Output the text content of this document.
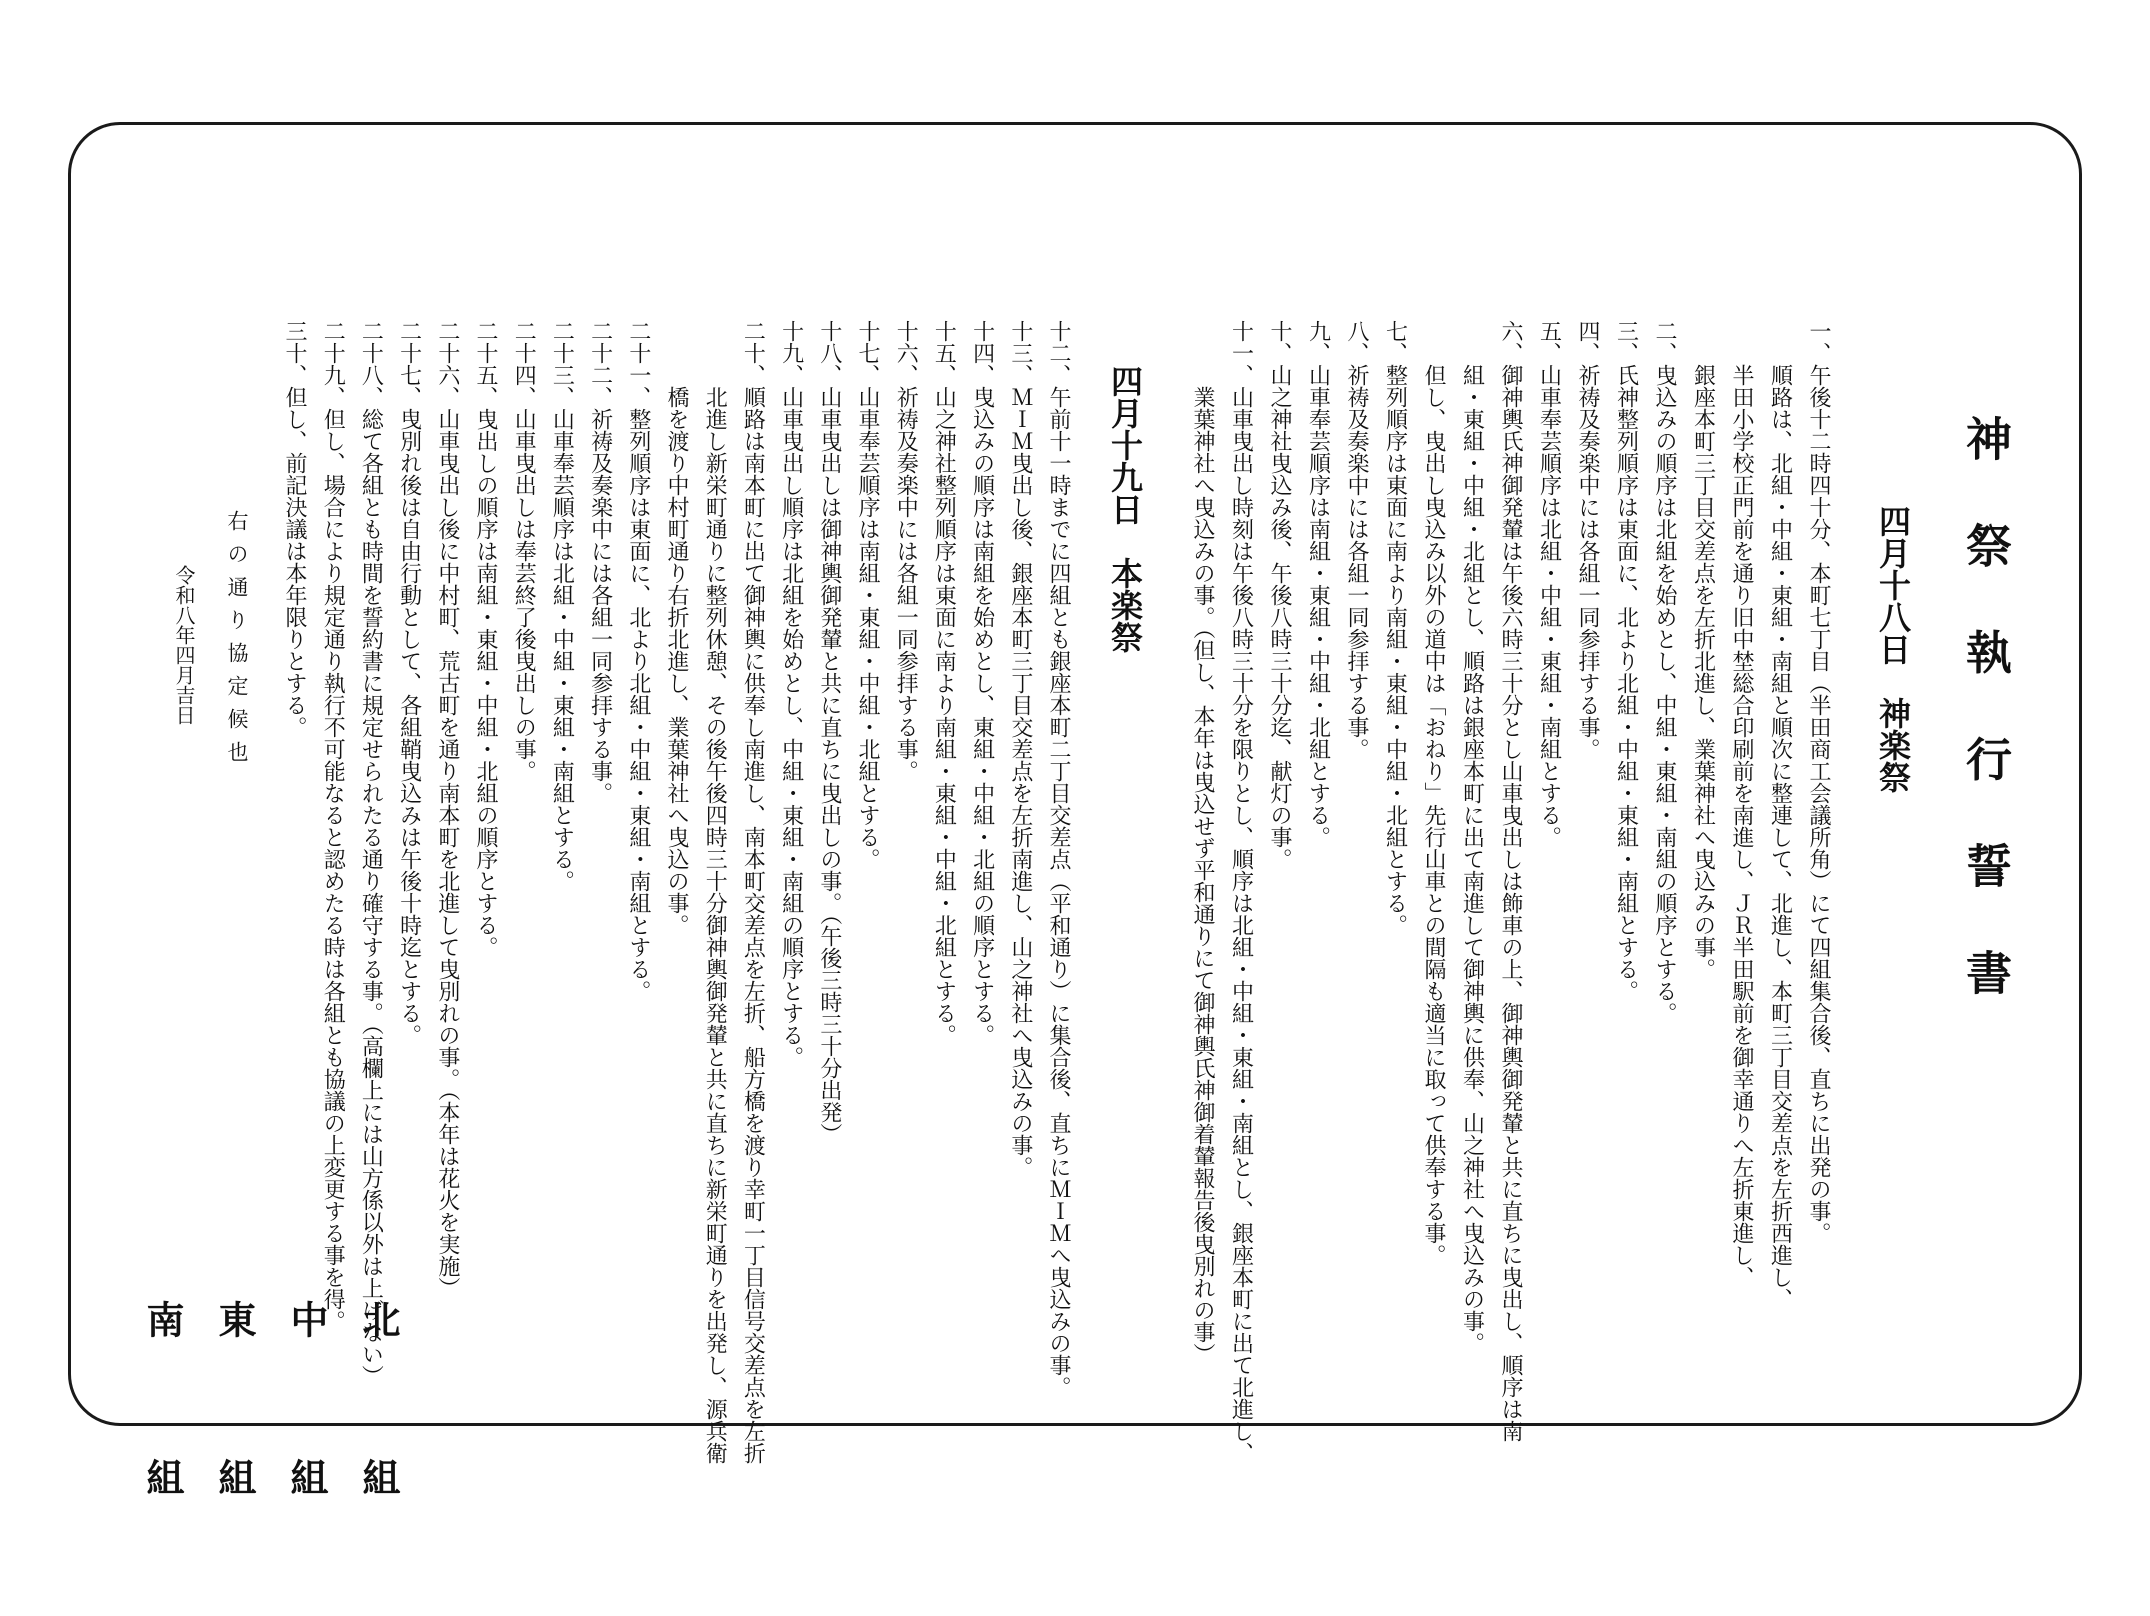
神祭執行誓書
四月十八日　神楽祭
四月十九日　本楽祭	一、午後十二時四十分、本町七丁目（半田商工会議所角）にて四組集合後、直ちに出発の事。
　　順路は、北組・中組・東組・南組と順次に整連して、北進し、本町三丁目交差点を左折西進し、
　　半田小学校正門前を通り旧中埜総合印刷前を南進し、ＪＲ半田駅前を御幸通りへ左折東進し、
　　銀座本町三丁目交差点を左折北進し、業葉神社へ曳込みの事。
二、曳込みの順序は北組を始めとし、中組・東組・南組の順序とする。
三、氏神整列順序は東面に、北より北組・中組・東組・南組とする。
四、祈祷及奏楽中には各組一同参拝する事。
五、山車奉芸順序は北組・中組・東組・南組とする。
六、御神輿氏神御発輦は午後六時三十分とし山車曳出しは飾車の上、御神輿御発輦と共に直ちに曳出し、順序は南
　　組・東組・中組・北組とし、順路は銀座本町に出て南進して御神輿に供奉、山之神社へ曳込みの事。
　　但し、曳出し曳込み以外の道中は「おねり」先行山車との間隔も適当に取って供奉する事。
七、整列順序は東面に南より南組・東組・中組・北組とする。
八、祈祷及奏楽中には各組一同参拝する事。
九、山車奉芸順序は南組・東組・中組・北組とする。
十、山之神社曳込み後、午後八時三十分迄、献灯の事。
十一、山車曳出し時刻は午後八時三十分を限りとし、順序は北組・中組・東組・南組とし、銀座本町に出て北進し、
　　　業葉神社へ曳込みの事。（但し、本年は曳込せず平和通りにて御神輿氏神御着輦報告後曳別れの事）
十二、午前十一時までに四組とも銀座本町二丁目交差点（平和通り）に集合後、直ちにＭＩＭへ曳込みの事。
十三、ＭＩＭ曳出し後、銀座本町三丁目交差点を左折南進し、山之神社へ曳込みの事。
十四、曳込みの順序は南組を始めとし、東組・中組・北組の順序とする。
十五、山之神社整列順序は東面に南より南組・東組・中組・北組とする。
十六、祈祷及奏楽中には各組一同参拝する事。
十七、山車奉芸順序は南組・東組・中組・北組とする。
十八、山車曳出しは御神輿御発輦と共に直ちに曳出しの事。（午後三時三十分出発）
十九、山車曳出し順序は北組を始めとし、中組・東組・南組の順序とする。
二十、順路は南本町に出て御神輿に供奉し南進し、南本町交差点を左折、船方橋を渡り幸町一丁目信号交差点を左折
　　　北進し新栄町通りに整列休憩、その後午後四時三十分御神輿御発輦と共に直ちに新栄町通りを出発し、源兵衛
　　　橋を渡り中村町通り右折北進し、業葉神社へ曳込の事。
二十一、整列順序は東面に、北より北組・中組・東組・南組とする。
二十二、祈祷及奏楽中には各組一同参拝する事。
二十三、山車奉芸順序は北組・中組・東組・南組とする。
二十四、山車曳出しは奉芸終了後曳出しの事。
二十五、曳出しの順序は南組・東組・中組・北組の順序とする。
二十六、山車曳出し後に中村町、荒古町を通り南本町を北進して曳別れの事。（本年は花火を実施）
二十七、曳別れ後は自由行動として、各組鞘曳込みは午後十時迄とする。
二十八、総て各組とも時間を誓約書に規定せられたる通り確守する事。（高欄上には山方係以外は上げない）
二十九、但し、場合により規定通り執行不可能なると認めたる時は各組とも協議の上変更する事を得。
三十、但し、前記決議は本年限りとする。
右の通り協定候也
令和八年四月吉日
北組
中組
東組
南組
